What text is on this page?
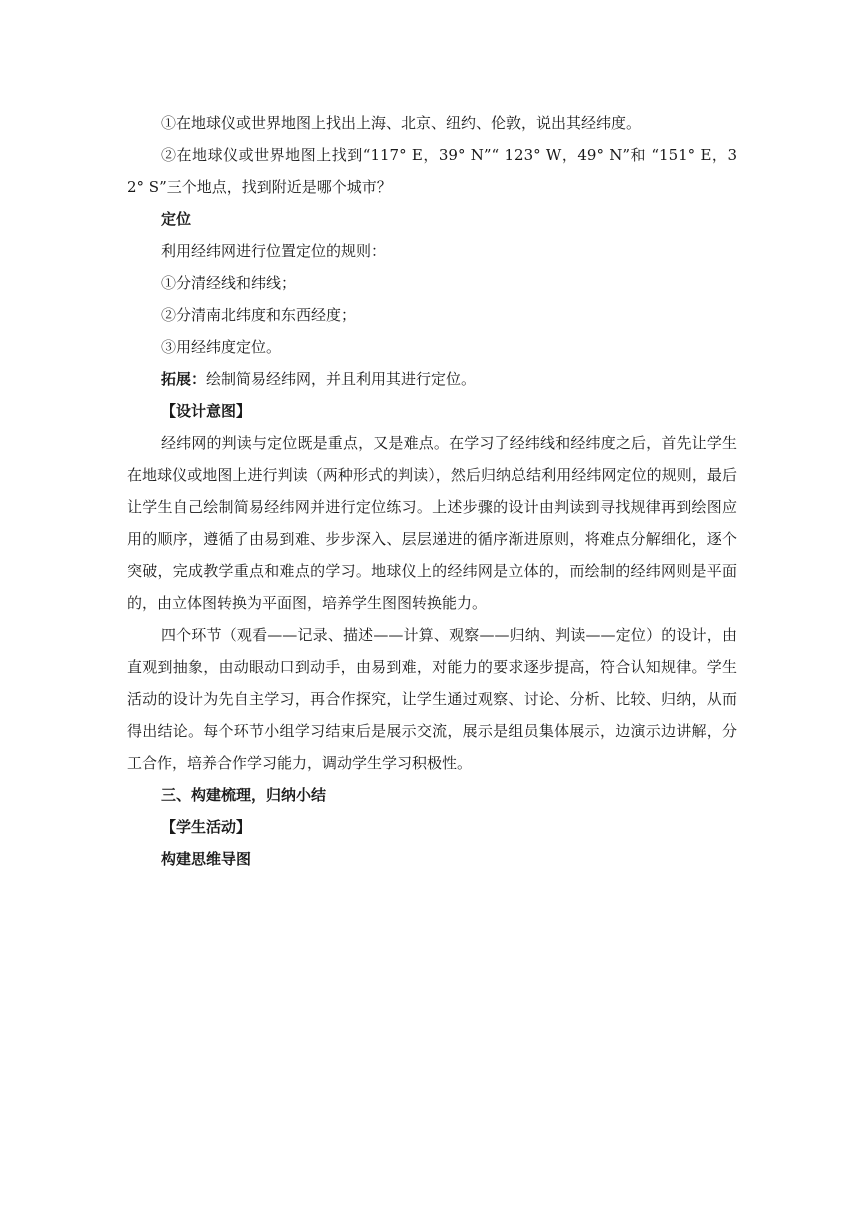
①在地球仪或世界地图上找出上海、北京、纽约、伦敦，说出其经纬度。

②在地球仪或世界地图上找到“117° E，39° N”“ 123° W，49° N”和 “151° E，32° S”三个地点，找到附近是哪个城市？

定位

利用经纬网进行位置定位的规则：

①分清经线和纬线；

②分清南北纬度和东西经度；

③用经纬度定位。

拓展：绘制简易经纬网，并且利用其进行定位。

【设计意图】

经纬网的判读与定位既是重点，又是难点。在学习了经纬线和经纬度之后，首先让学生在地球仪或地图上进行判读（两种形式的判读），然后归纳总结利用经纬网定位的规则，最后让学生自己绘制简易经纬网并进行定位练习。上述步骤的设计由判读到寻找规律再到绘图应用的顺序，遵循了由易到难、步步深入、层层递进的循序渐进原则，将难点分解细化，逐个突破，完成教学重点和难点的学习。地球仪上的经纬网是立体的，而绘制的经纬网则是平面的，由立体图转换为平面图，培养学生图图转换能力。

四个环节（观看——记录、描述——计算、观察——归纳、判读——定位）的设计，由直观到抽象，由动眼动口到动手，由易到难，对能力的要求逐步提高，符合认知规律。学生活动的设计为先自主学习，再合作探究，让学生通过观察、讨论、分析、比较、归纳，从而得出结论。每个环节小组学习结束后是展示交流，展示是组员集体展示，边演示边讲解，分工合作，培养合作学习能力，调动学生学习积极性。

三、构建梳理，归纳小结

【学生活动】

构建思维导图
